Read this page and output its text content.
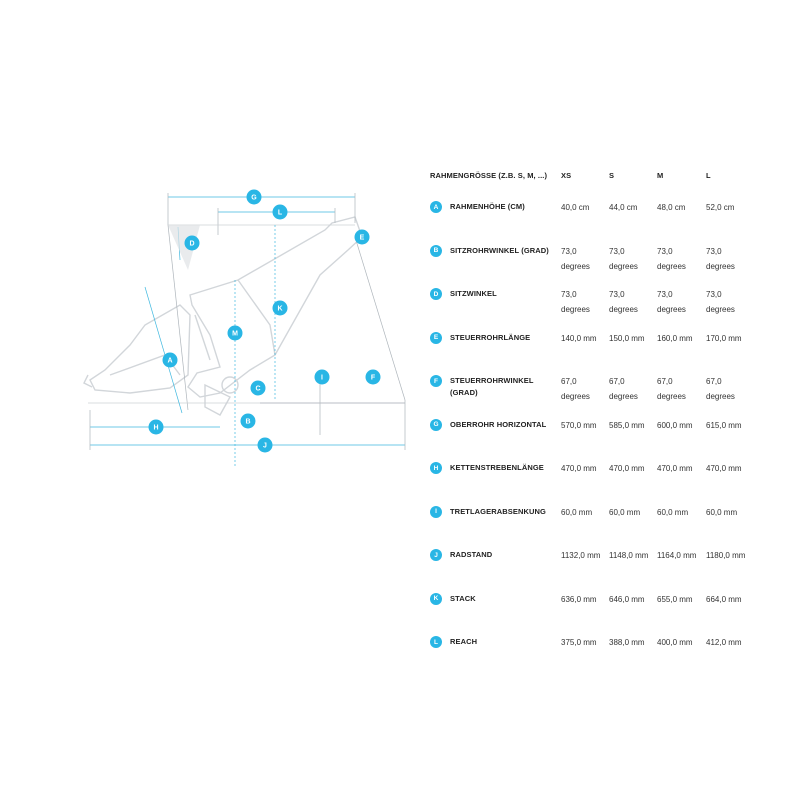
G
L
D
E
K
M
A
C
I	F
B
H
J
RAHMENGRÖSSE (Z.B. S, M, ...)	XS	S	M	L

A RAHMENHÖHE (CM)	40,0 cm	44,0 cm	48,0 cm	52,0 cm

B SITZROHRWINKEL (GRAD)	73,0 degrees	73,0 degrees	73,0 degrees	73,0 degrees

D SITZWINKEL	73,0 degrees	73,0 degrees	73,0 degrees	73,0 degrees

E STEUERROHRLÄNGE	140,0 mm	150,0 mm	160,0 mm	170,0 mm

F STEUERROHRWINKEL (GRAD)	67,0 degrees	67,0 degrees	67,0 degrees	67,0 degrees

G OBERROHR HORIZONTAL	570,0 mm	585,0 mm	600,0 mm	615,0 mm

H KETTENSTREBENLÄNGE	470,0 mm	470,0 mm	470,0 mm	470,0 mm

I TRETLAGERABSENKUNG	60,0 mm	60,0 mm	60,0 mm	60,0 mm

J RADSTAND	1132,0 mm	1148,0 mm	1164,0 mm	1180,0 mm

K STACK	636,0 mm	646,0 mm	655,0 mm	664,0 mm

L REACH	375,0 mm	388,0 mm	400,0 mm	412,0 mm
